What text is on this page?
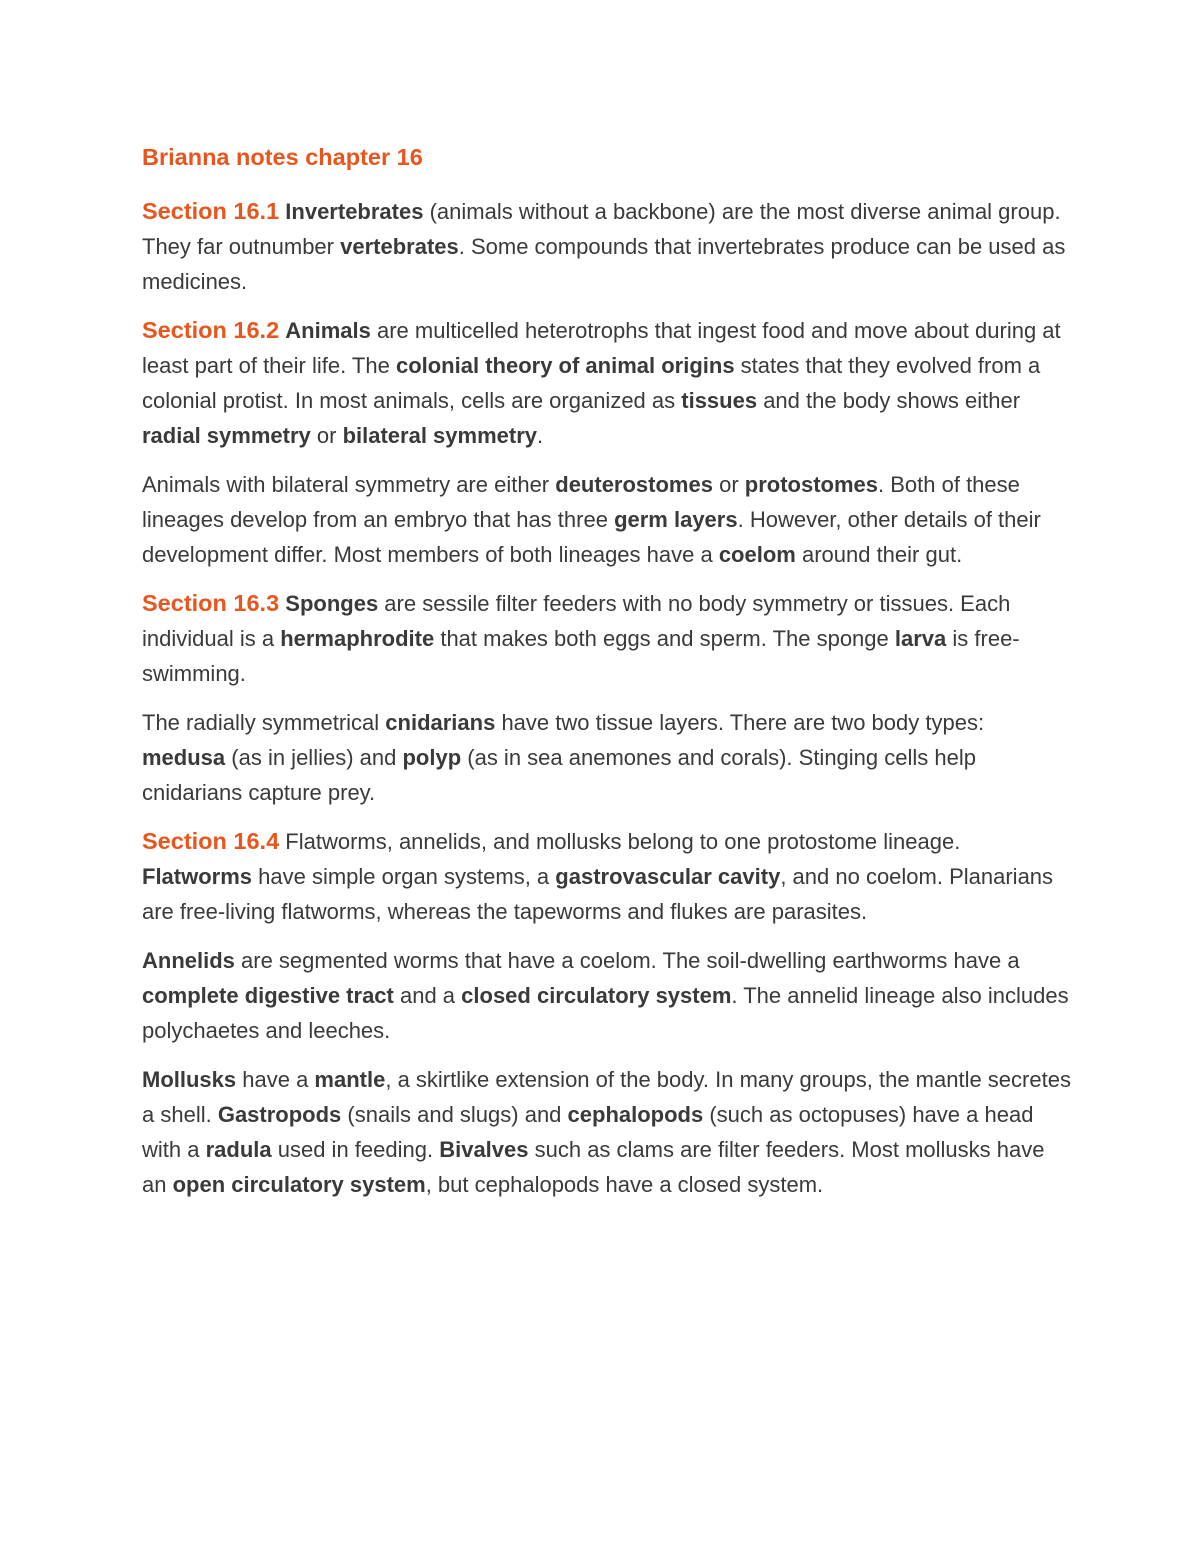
Brianna notes chapter 16

Section 16.1 Invertebrates (animals without a backbone) are the most diverse animal group. They far outnumber vertebrates. Some compounds that invertebrates produce can be used as medicines.

Section 16.2 Animals are multicelled heterotrophs that ingest food and move about during at least part of their life. The colonial theory of animal origins states that they evolved from a colonial protist. In most animals, cells are organized as tissues and the body shows either radial symmetry or bilateral symmetry.

Animals with bilateral symmetry are either deuterostomes or protostomes. Both of these lineages develop from an embryo that has three germ layers. However, other details of their development differ. Most members of both lineages have a coelom around their gut.

Section 16.3 Sponges are sessile filter feeders with no body symmetry or tissues. Each individual is a hermaphrodite that makes both eggs and sperm. The sponge larva is free-swimming.

The radially symmetrical cnidarians have two tissue layers. There are two body types: medusa (as in jellies) and polyp (as in sea anemones and corals). Stinging cells help cnidarians capture prey.

Section 16.4 Flatworms, annelids, and mollusks belong to one protostome lineage. Flatworms have simple organ systems, a gastrovascular cavity, and no coelom. Planarians are free-living flatworms, whereas the tapeworms and flukes are parasites.

Annelids are segmented worms that have a coelom. The soil-dwelling earthworms have a complete digestive tract and a closed circulatory system. The annelid lineage also includes polychaetes and leeches.

Mollusks have a mantle, a skirtlike extension of the body. In many groups, the mantle secretes a shell. Gastropods (snails and slugs) and cephalopods (such as octopuses) have a head with a radula used in feeding. Bivalves such as clams are filter feeders. Most mollusks have an open circulatory system, but cephalopods have a closed system.
